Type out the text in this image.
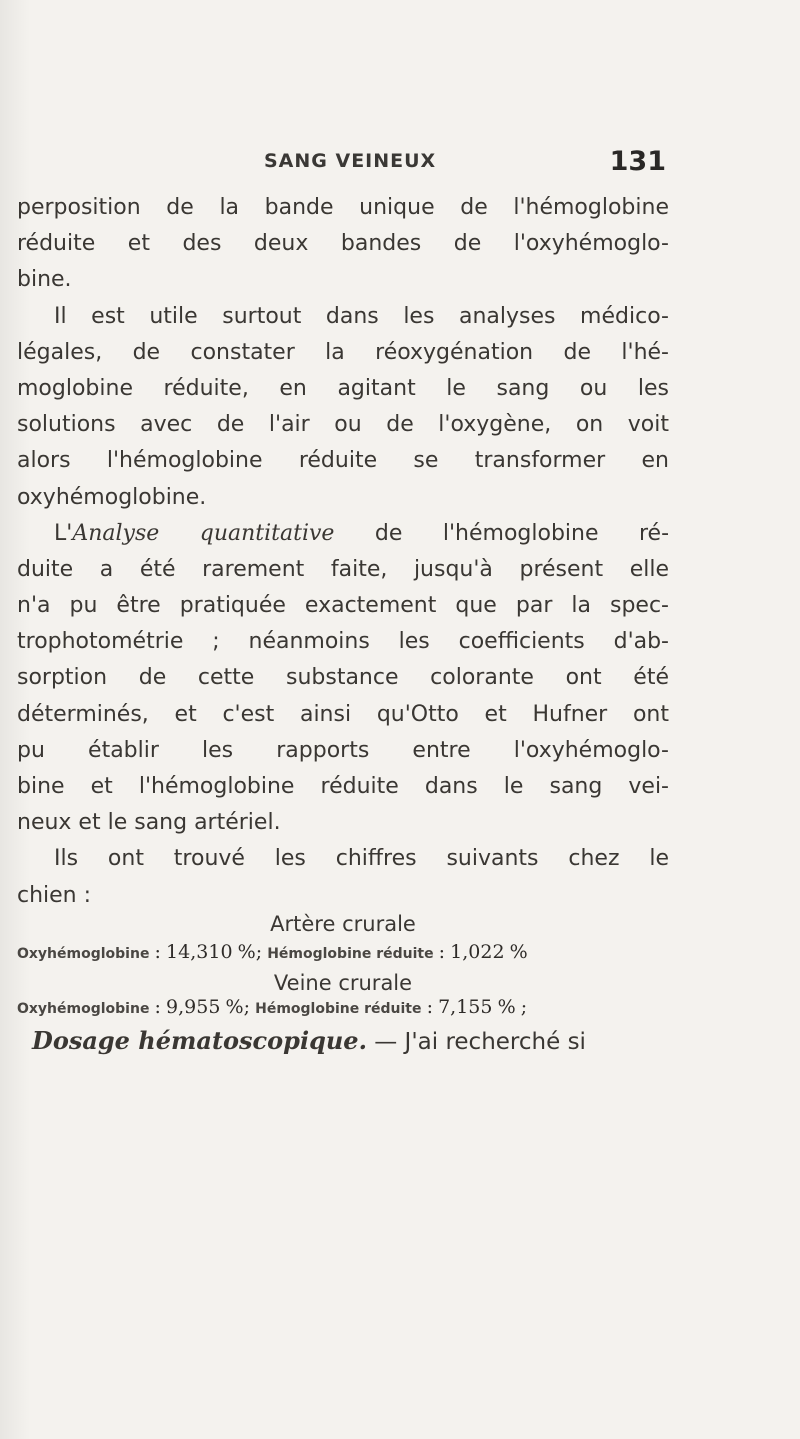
SANG VEINEUX	131
perposition de la bande unique de l'hémoglobine
réduite et des deux bandes de l'oxyhémoglo-
bine.
Il est utile surtout dans les analyses médico-
légales, de constater la réoxygénation de l'hé-
moglobine réduite, en agitant le sang ou les
solutions avec de l'air ou de l'oxygène, on voit
alors l'hémoglobine réduite se transformer en
oxyhémoglobine.
L'Analyse quantitative de l'hémoglobine ré-
duite a été rarement faite, jusqu'à présent elle
n'a pu être pratiquée exactement que par la spec-
trophotométrie ; néanmoins les coefficients d'ab-
sorption de cette substance colorante ont été
déterminés, et c'est ainsi qu'Otto et Hufner ont
pu établir les rapports entre l'oxyhémoglo-
bine et l'hémoglobine réduite dans le sang vei-
neux et le sang artériel.
Ils ont trouvé les chiffres suivants chez le
chien :
Artère crurale
Oxyhémoglobine : 14,310 %; Hémoglobine réduite : 1,022 %
Veine crurale
Oxyhémoglobine : 9,955 %; Hémoglobine réduite : 7,155 % ;
Dosage hématoscopique. — J'ai recherché si
